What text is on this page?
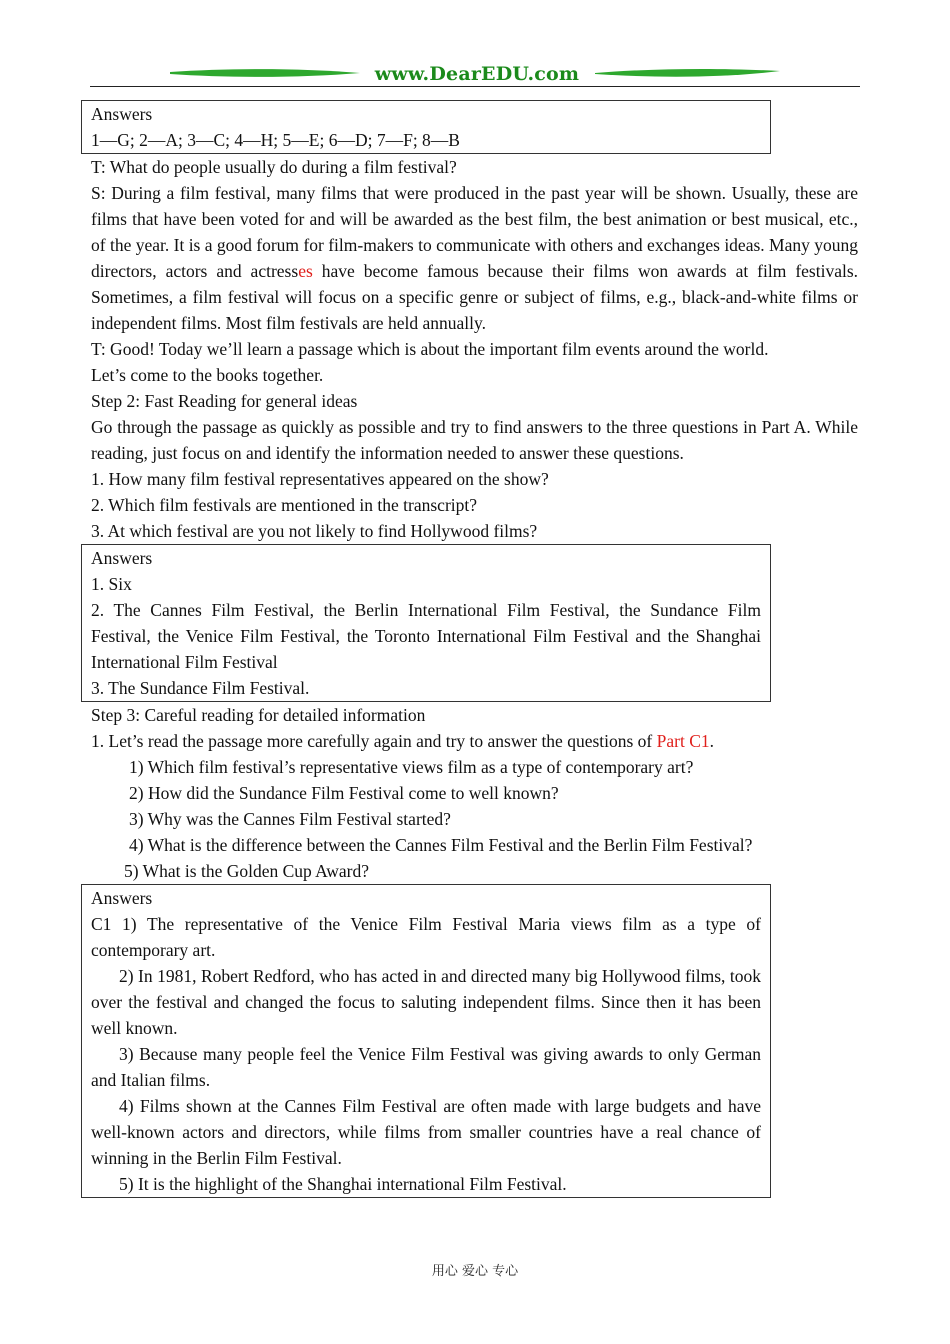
www.DearEDU.com

Answers

1—G; 2—A; 3—C; 4—H; 5—E; 6—D; 7—F; 8—B

T: What do people usually do during a film festival?

S: During a film festival, many films that were produced in the past year will be shown. Usually, these are films that have been voted for and will be awarded as the best film, the best animation or best musical, etc., of the year. It is a good forum for film-makers to communicate with others and exchanges ideas. Many young directors, actors and actresses have become famous because their films won awards at film festivals. Sometimes, a film festival will focus on a specific genre or subject of films, e.g., black-and-white films or independent films. Most film festivals are held annually.

T: Good! Today we’ll learn a passage which is about the important film events around the world.

Let’s come to the books together.

Step 2: Fast Reading for general ideas

Go through the passage as quickly as possible and try to find answers to the three questions in Part A. While reading, just focus on and identify the information needed to answer these questions.

1. How many film festival representatives appeared on the show?

2. Which film festivals are mentioned in the transcript?

3. At which festival are you not likely to find Hollywood films?

Answers

1. Six

2. The Cannes Film Festival, the Berlin International Film Festival, the Sundance Film Festival, the Venice Film Festival, the Toronto International Film Festival and the Shanghai International Film Festival

3. The Sundance Film Festival.

Step 3: Careful reading for detailed information

1. Let’s read the passage more carefully again and try to answer the questions of Part C1.

1) Which film festival’s representative views film as a type of contemporary art?

2) How did the Sundance Film Festival come to well known?

3) Why was the Cannes Film Festival started?

4) What is the difference between the Cannes Film Festival and the Berlin Film Festival?

5) What is the Golden Cup Award?

Answers

C1 1) The representative of the Venice Film Festival Maria views film as a type of contemporary art.

2) In 1981, Robert Redford, who has acted in and directed many big Hollywood films, took over the festival and changed the focus to saluting independent films. Since then it has been well known.

3) Because many people feel the Venice Film Festival was giving awards to only German and Italian films.

4) Films shown at the Cannes Film Festival are often made with large budgets and have well-known actors and directors, while films from smaller countries have a real chance of winning in the Berlin Film Festival.

5) It is the highlight of the Shanghai international Film Festival.

用心 爱心 专心
